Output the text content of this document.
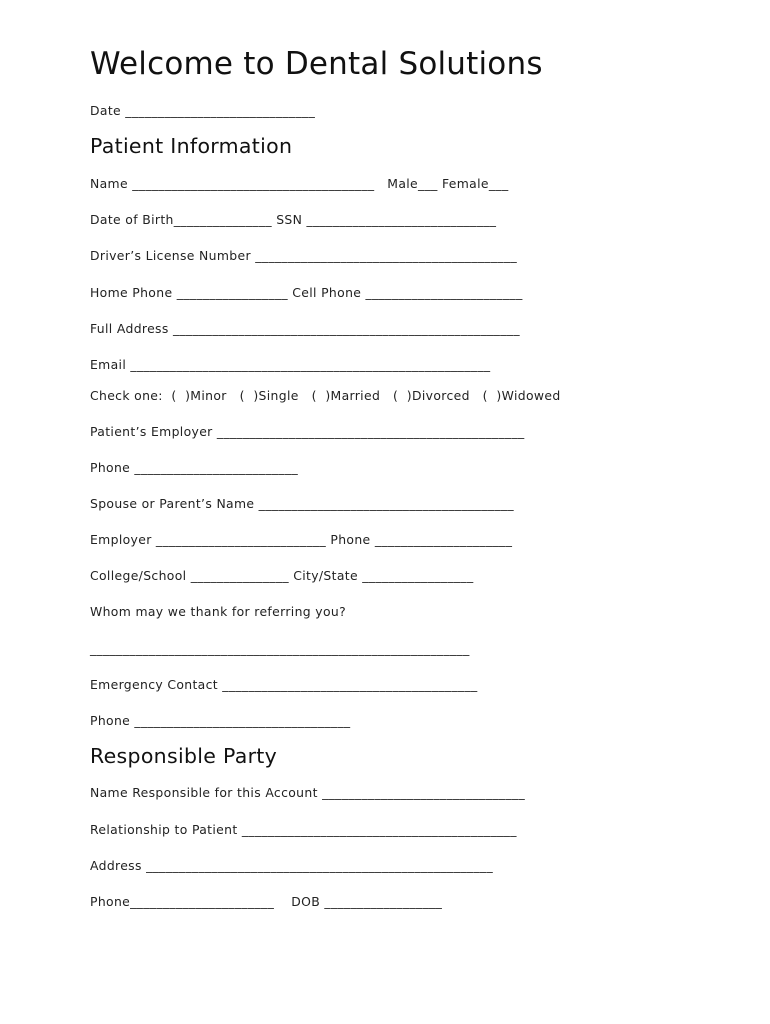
Welcome to Dental Solutions

Date _____________________________

Patient Information

Name _____________________________________   Male___ Female___

Date of Birth_______________ SSN _____________________________

Driver’s License Number ________________________________________

Home Phone _________________ Cell Phone ________________________

Full Address _____________________________________________________

Email _______________________________________________________

Check one:  (  )Minor   (  )Single   (  )Married   (  )Divorced   (  )Widowed

Patient’s Employer _______________________________________________

Phone _________________________

Spouse or Parent’s Name _______________________________________

Employer __________________________ Phone _____________________

College/School _______________ City/State _________________

Whom may we thank for referring you?

__________________________________________________________

Emergency Contact _______________________________________

Phone _________________________________

Responsible Party

Name Responsible for this Account _______________________________

Relationship to Patient __________________________________________

Address _____________________________________________________

Phone______________________    DOB __________________
